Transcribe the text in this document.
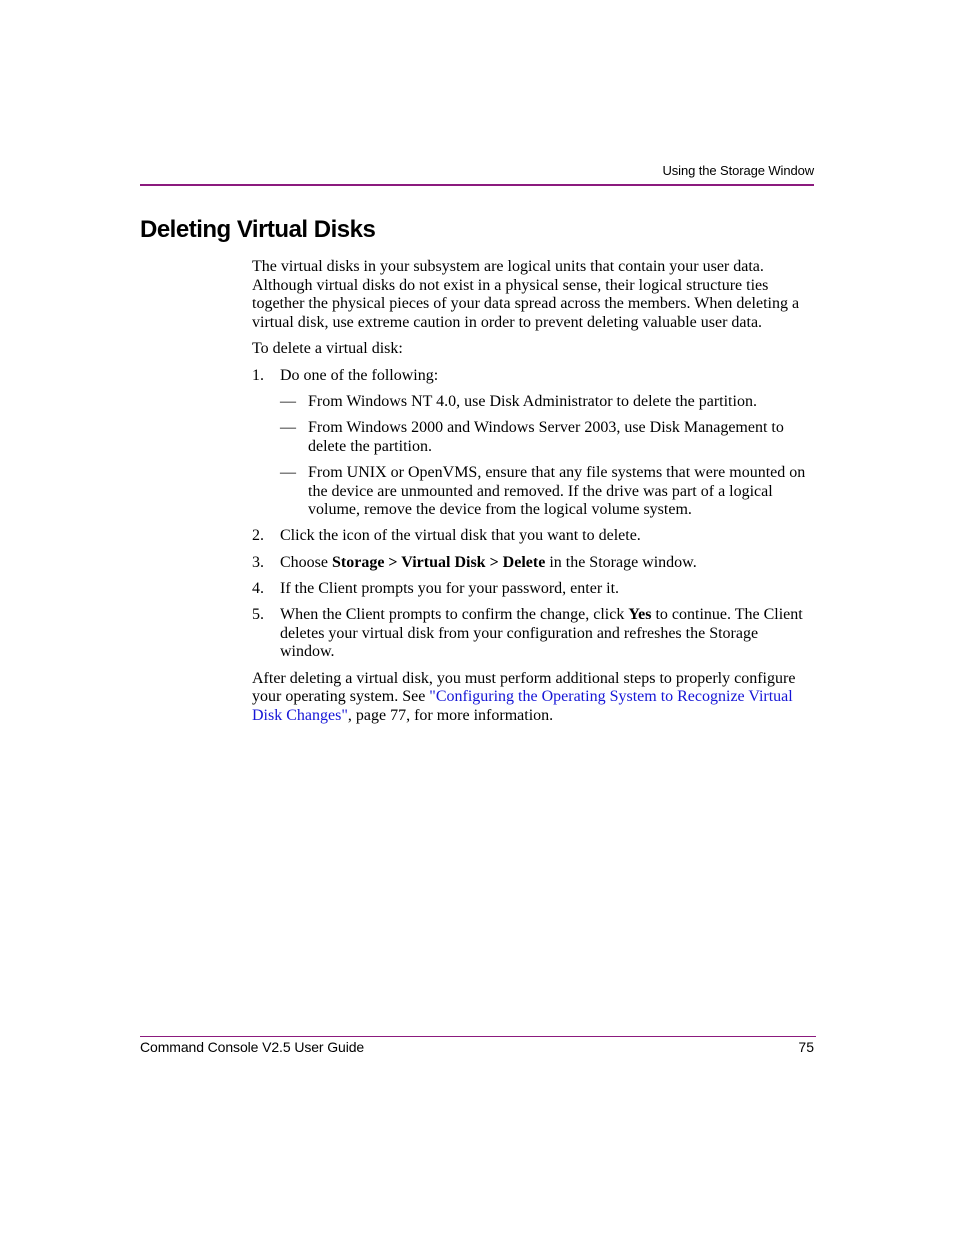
Using the Storage Window
Deleting Virtual Disks

The virtual disks in your subsystem are logical units that contain your user data. Although virtual disks do not exist in a physical sense, their logical structure ties together the physical pieces of your data spread across the members. When deleting a virtual disk, use extreme caution in order to prevent deleting valuable user data.

To delete a virtual disk:

1. Do one of the following:
— From Windows NT 4.0, use Disk Administrator to delete the partition.
— From Windows 2000 and Windows Server 2003, use Disk Management to delete the partition.
— From UNIX or OpenVMS, ensure that any file systems that were mounted on the device are unmounted and removed. If the drive was part of a logical volume, remove the device from the logical volume system.
2. Click the icon of the virtual disk that you want to delete.
3. Choose Storage > Virtual Disk > Delete in the Storage window.
4. If the Client prompts you for your password, enter it.
5. When the Client prompts to confirm the change, click Yes to continue. The Client deletes your virtual disk from your configuration and refreshes the Storage window.

After deleting a virtual disk, you must perform additional steps to properly configure your operating system. See "Configuring the Operating System to Recognize Virtual Disk Changes", page 77, for more information.

Command Console V2.5 User Guide	75
